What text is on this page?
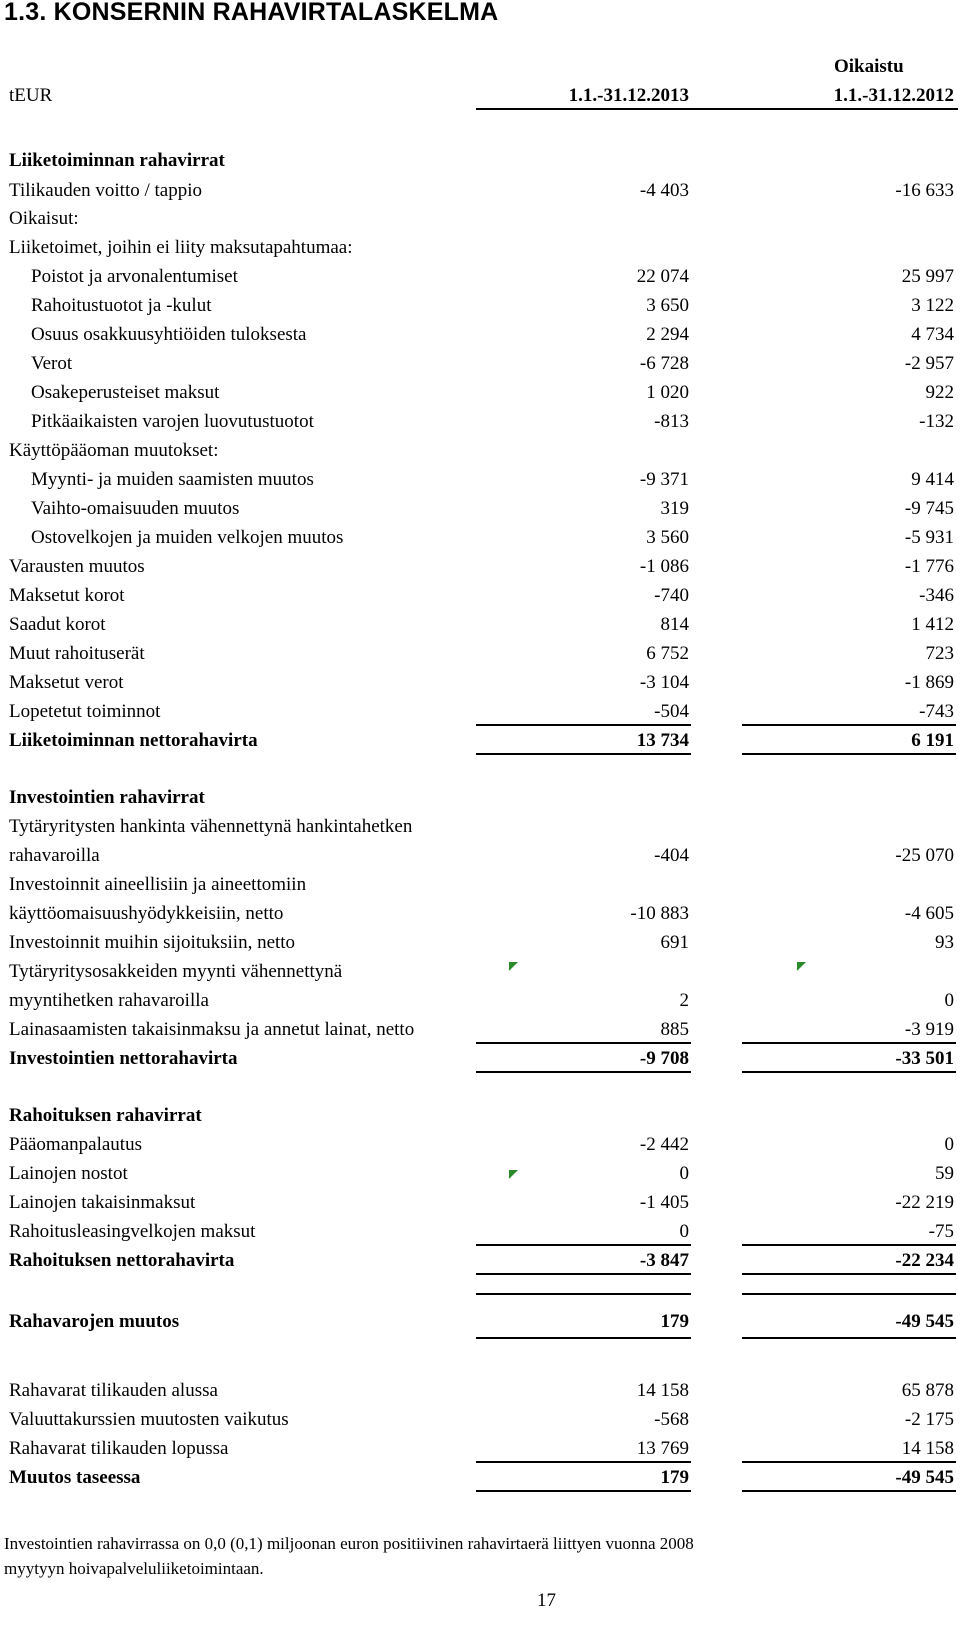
1.3. KONSERNIN RAHAVIRTALASKELMA
Oikaistu
tEUR	1.1.-31.12.2013	1.1.-31.12.2012
Liiketoiminnan rahavirrat
Tilikauden voitto / tappio	-4 403	-16 633
Oikaisut:
Liiketoimet, joihin ei liity maksutapahtumaa:
Poistot ja arvonalentumiset	22 074	25 997
Rahoitustuotot ja -kulut	3 650	3 122
Osuus osakkuusyhtiöiden tuloksesta	2 294	4 734
Verot	-6 728	-2 957
Osakeperusteiset maksut	1 020	922
Pitkäaikaisten varojen luovutustuotot	-813	-132
Käyttöpääoman muutokset:
Myynti- ja muiden saamisten muutos	-9 371	9 414
Vaihto-omaisuuden muutos	319	-9 745
Ostovelkojen ja muiden velkojen muutos	3 560	-5 931
Varausten muutos	-1 086	-1 776
Maksetut korot	-740	-346
Saadut korot	814	1 412
Muut rahoituserät	6 752	723
Maksetut verot	-3 104	-1 869
Lopetetut toiminnot	-504	-743
Liiketoiminnan nettorahavirta	13 734	6 191
Investointien rahavirrat
Tytäryritysten hankinta vähennettynä hankintahetken
rahavaroilla	-404	-25 070
Investoinnit aineellisiin ja aineettomiin
käyttöomaisuushyödykkeisiin, netto	-10 883	-4 605
Investoinnit muihin sijoituksiin, netto	691	93
Tytäryritysosakkeiden myynti vähennettynä
myyntihetken rahavaroilla	2	0
Lainasaamisten takaisinmaksu ja annetut lainat, netto	885	-3 919
Investointien nettorahavirta	-9 708	-33 501
Rahoituksen rahavirrat
Pääomanpalautus	-2 442	0
Lainojen nostot	0	59
Lainojen takaisinmaksut	-1 405	-22 219
Rahoitusleasingvelkojen maksut	0	-75
Rahoituksen nettorahavirta	-3 847	-22 234
Rahavarojen muutos	179	-49 545
Rahavarat tilikauden alussa	14 158	65 878
Valuuttakurssien muutosten vaikutus	-568	-2 175
Rahavarat tilikauden lopussa	13 769	14 158
Muutos taseessa	179	-49 545
Investointien rahavirrassa on 0,0 (0,1) miljoonan euron positiivinen rahavirtaerä liittyen vuonna 2008
myytyyn hoivapalveluliiketoimintaan.
17
